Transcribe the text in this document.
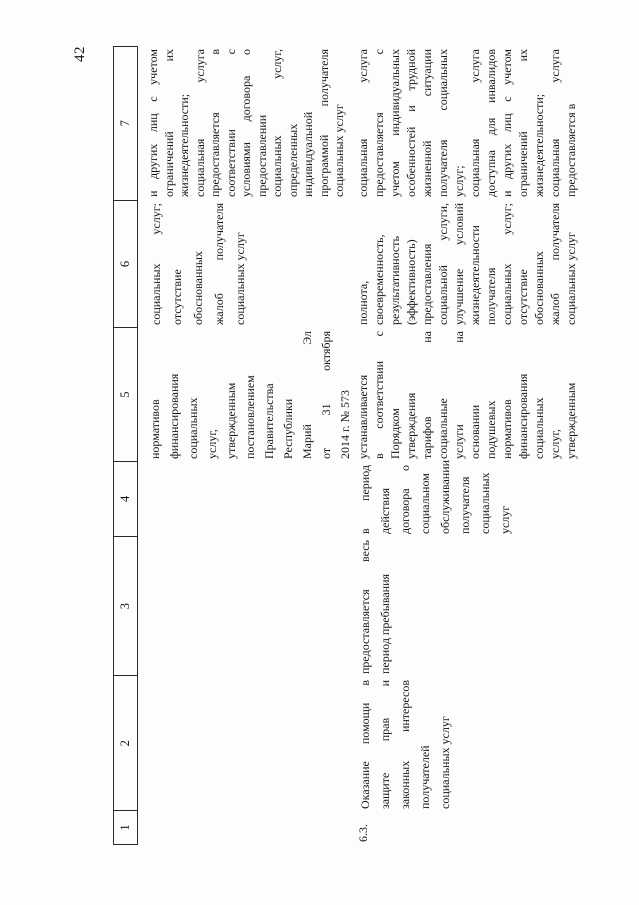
42
1
2
3
4
5
6
7
нормативов финансирования социальных услуг, утвержденным постановлением Правительства Республики Марий Эл от 31 октября 2014 г. № 573
социальных услуг; отсутствие обоснованных жалоб получателя социальных услуг
и других лиц с учетом ограничений их жизнедеятельности; социальная услуга предоставляется в соответствии с условиями договора о предоставлении социальных услуг, определенных индивидуальной программой получателя социальных услуг
6.3.
Оказание помощи в защите прав и законных интересов получателей социальных услуг
предоставляется весь период пребывания
в период действия договора о социальном обслуживании получателя социальных услуг
устанавливается в соответствии с Порядком утверждения тарифов на социальные услуги на основании подушевых нормативов финансирования социальных услуг, утвержденным
полнота, своевременность, результативность (эффективность) предоставления социальной услуги, улучшение условий жизнедеятельности получателя социальных услуг; отсутствие обоснованных жалоб получателя социальных услуг
социальная услуга предоставляется с учетом индивидуальных особенностей и трудной жизненной ситуации получателя социальных услуг; социальная услуга доступна для инвалидов и других лиц с учетом ограничений их жизнедеятельности; социальная услуга предоставляется в
